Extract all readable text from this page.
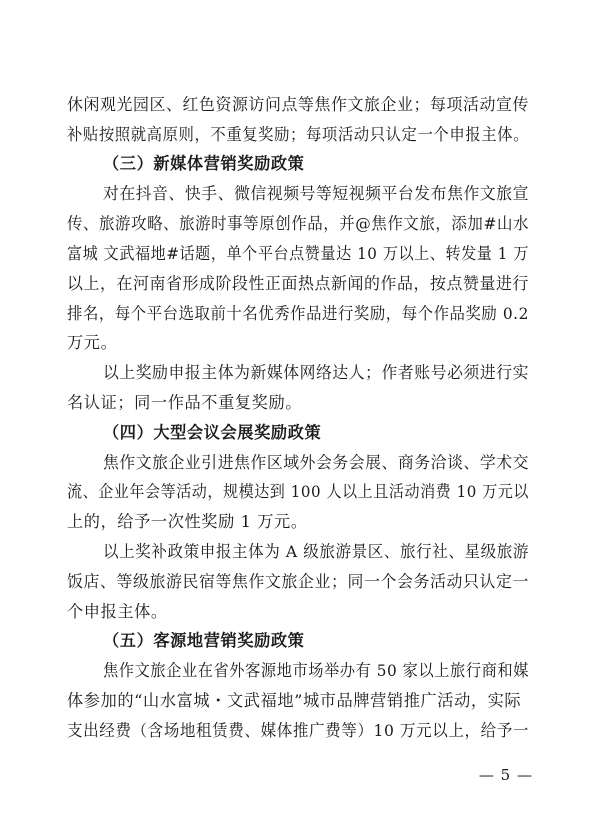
休闲观光园区、红色资源访问点等焦作文旅企业；每项活动宣传
补贴按照就高原则，不重复奖励；每项活动只认定一个申报主体。
（三）新媒体营销奖励政策
对在抖音、快手、微信视频号等短视频平台发布焦作文旅宣
传、旅游攻略、旅游时事等原创作品，并@焦作文旅，添加#山水
富城 文武福地#话题，单个平台点赞量达 10 万以上、转发量 1 万
以上，在河南省形成阶段性正面热点新闻的作品，按点赞量进行
排名，每个平台选取前十名优秀作品进行奖励，每个作品奖励 0.2
万元。
以上奖励申报主体为新媒体网络达人；作者账号必须进行实
名认证；同一作品不重复奖励。
（四）大型会议会展奖励政策
焦作文旅企业引进焦作区域外会务会展、商务洽谈、学术交
流、企业年会等活动，规模达到 100 人以上且活动消费 10 万元以
上的，给予一次性奖励 1 万元。
以上奖补政策申报主体为 A 级旅游景区、旅行社、星级旅游
饭店、等级旅游民宿等焦作文旅企业；同一个会务活动只认定一
个申报主体。
（五）客源地营销奖励政策
焦作文旅企业在省外客源地市场举办有 50 家以上旅行商和媒
体参加的“山水富城・文武福地”城市品牌营销推广活动，实际
支出经费（含场地租赁费、媒体推广费等）10 万元以上，给予一
— 5 —
